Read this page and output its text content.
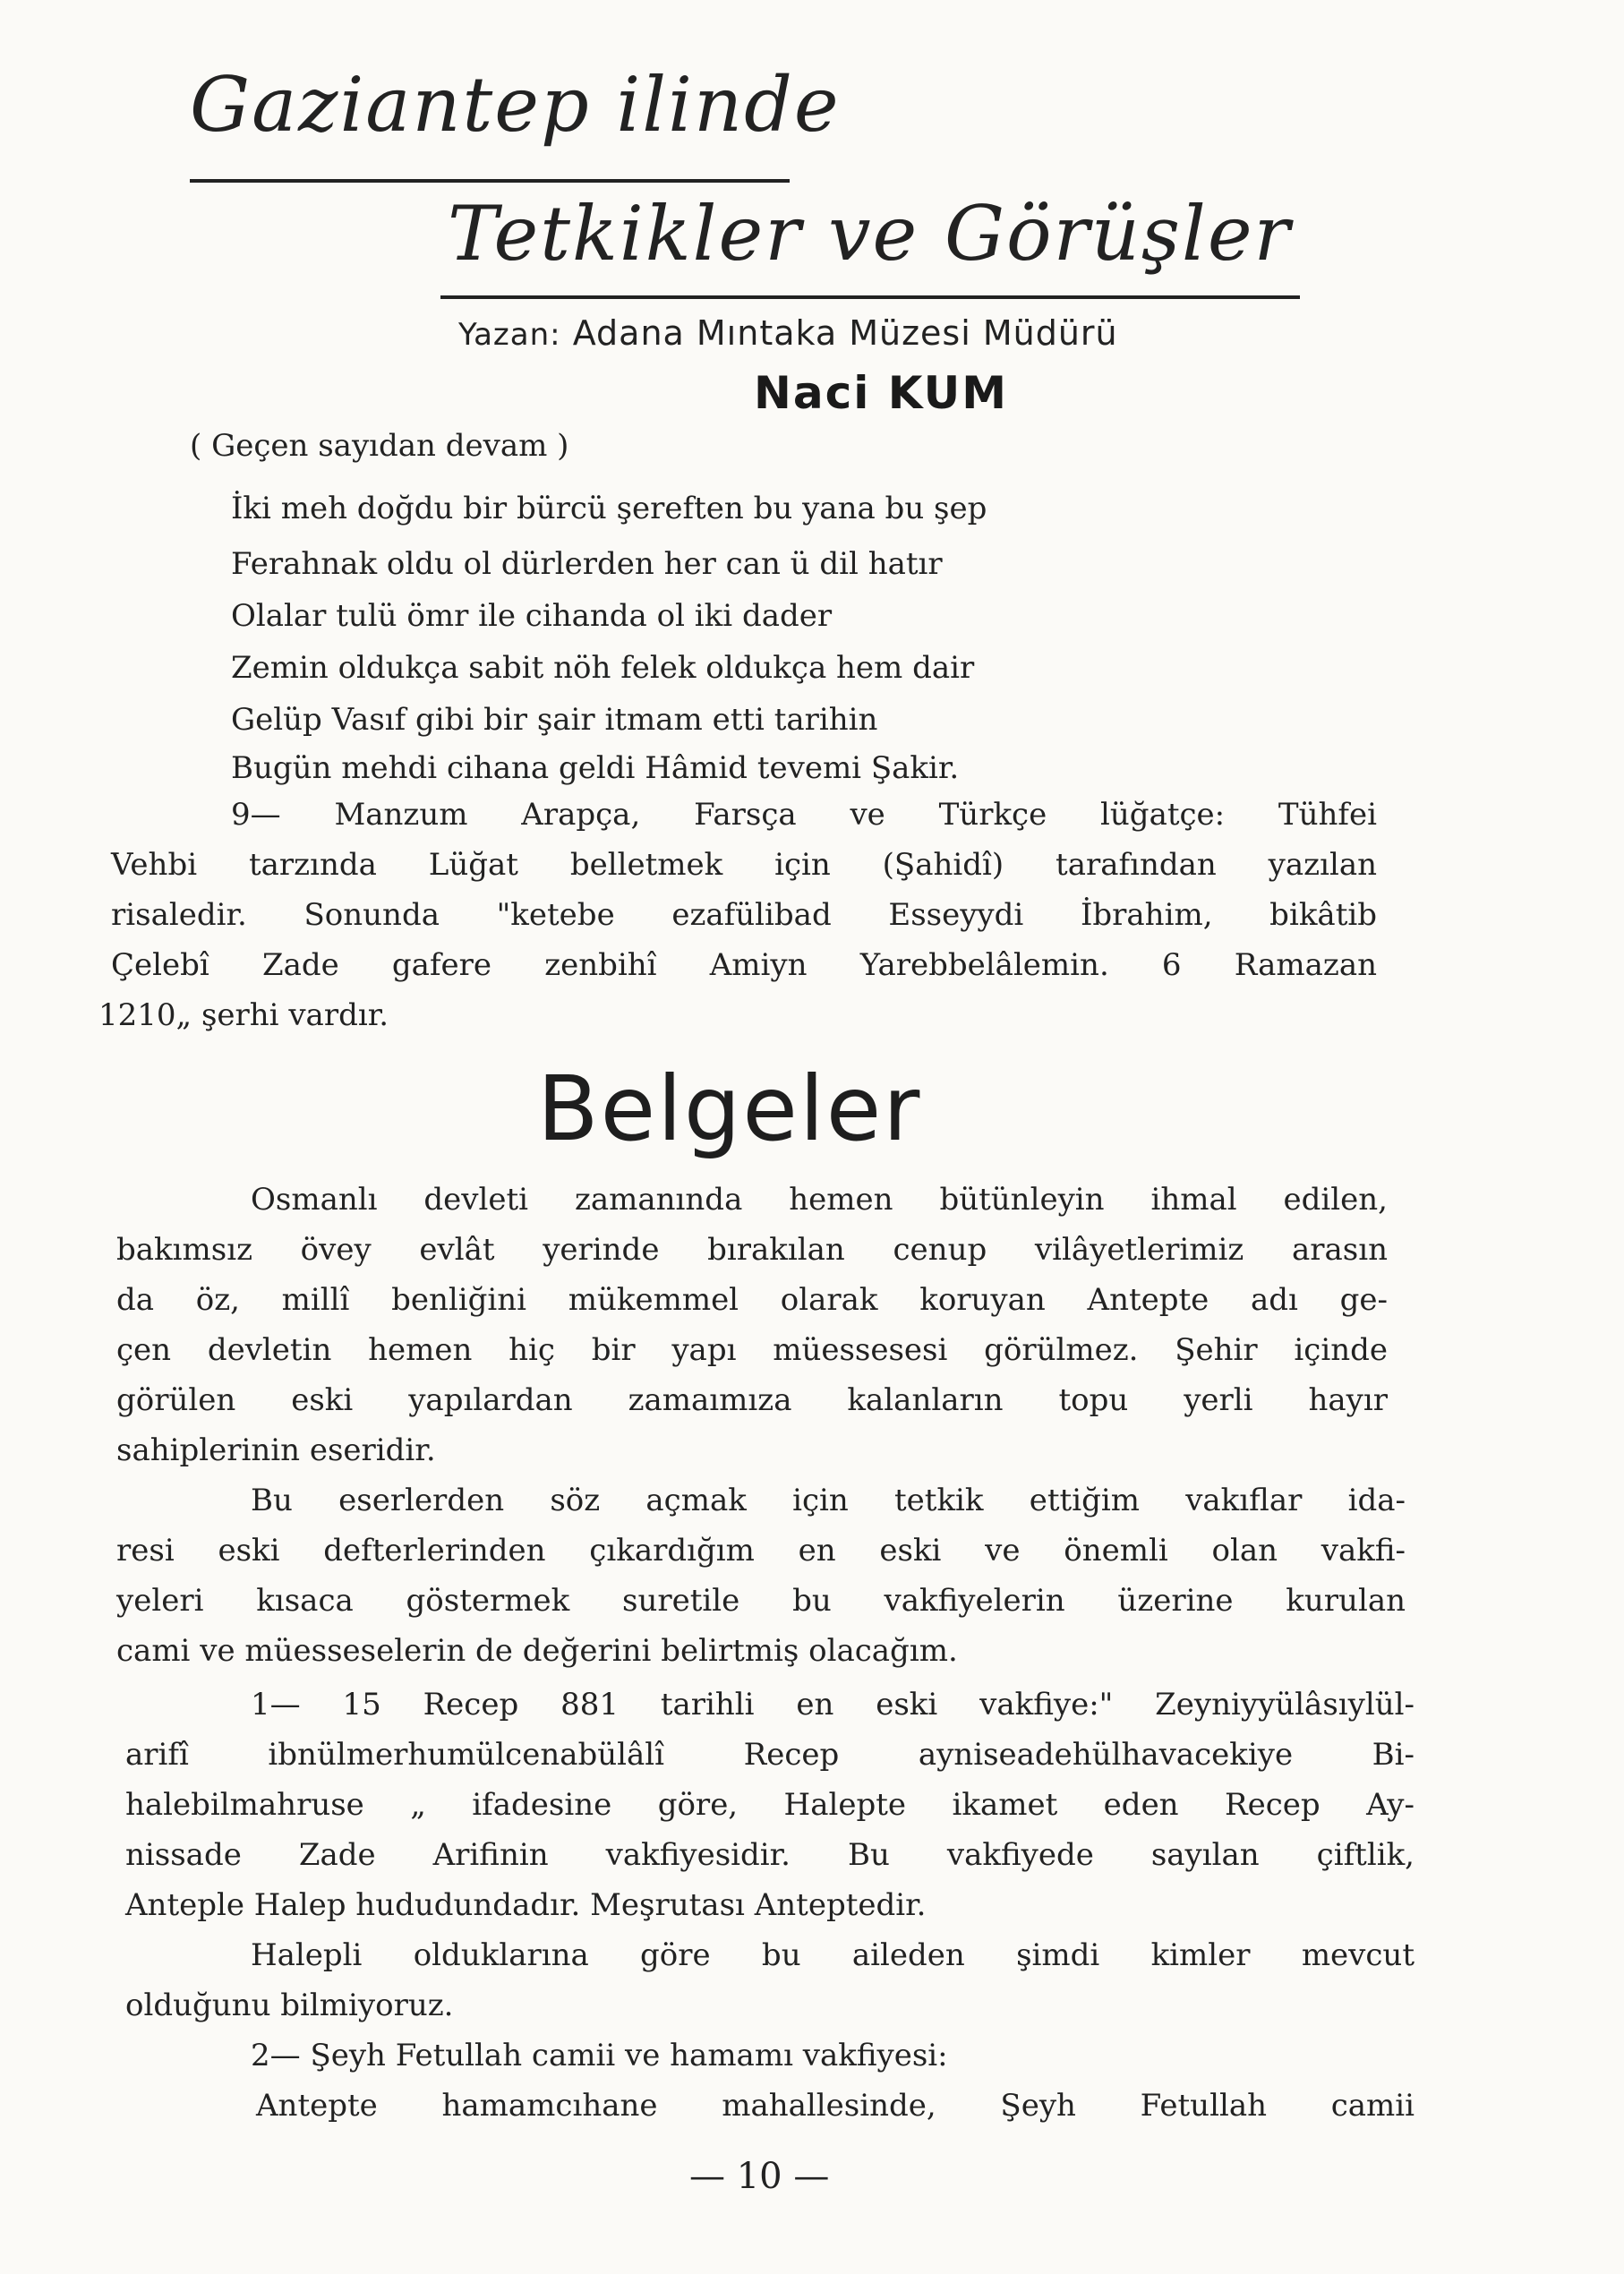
Gaziantep ilinde
Tetkikler ve Görüşler
Yazan: Adana Mıntaka Müzesi Müdürü
Naci KUM
( Geçen sayıdan devam )
İki meh doğdu bir bürcü şereften bu yana bu şep
Ferahnak oldu ol dürlerden her can ü dil hatır
Olalar tulü ömr ile cihanda ol iki dader
Zemin oldukça sabit nöh felek oldukça hem dair
Gelüp Vasıf gibi bir şair itmam etti tarihin
Bugün mehdi cihana geldi Hâmid tevemi Şakir.
9— Manzum Arapça, Farsça ve Türkçe lüğatçe: Tühfei
Vehbi tarzında Lüğat belletmek için (Şahidî) tarafından yazılan
risaledir. Sonunda "ketebe ezafülibad Esseyydi İbrahim, bikâtib
Çelebî Zade gafere zenbihî Amiyn Yarebbelâlemin. 6 Ramazan
1210„ şerhi vardır.
Belgeler
Osmanlı devleti zamanında hemen bütünleyin ihmal edilen,
bakımsız övey evlât yerinde bırakılan cenup vilâyetlerimiz arasın
da öz, millî benliğini mükemmel olarak koruyan Antepte adı ge-
çen devletin hemen hiç bir yapı müessesesi görülmez. Şehir içinde
görülen eski yapılardan zamaımıza kalanların topu yerli hayır
sahiplerinin eseridir.
Bu eserlerden söz açmak için tetkik ettiğim vakıflar ida-
resi eski defterlerinden çıkardığım en eski ve önemli olan vakfi-
yeleri kısaca göstermek suretile bu vakfiyelerin üzerine kurulan
cami ve müesseselerin de değerini belirtmiş olacağım.
1— 15 Recep 881 tarihli en eski vakfiye:" Zeyniyyülâsıylül-
arifî ibnülmerhumülcenabülâlî Recep ayniseadehülhavacekiye Bi-
halebilmahruse „ ifadesine göre, Halepte ikamet eden Recep Ay-
nissade Zade Arifinin vakfiyesidir. Bu vakfiyede sayılan çiftlik,
Anteple Halep hududundadır. Meşrutası Anteptedir.
Halepli olduklarına göre bu aileden şimdi kimler mevcut
olduğunu bilmiyoruz.
2— Şeyh Fetullah camii ve hamamı vakfiyesi:
Antepte hamamcıhane mahallesinde, Şeyh Fetullah camii
— 10 —
